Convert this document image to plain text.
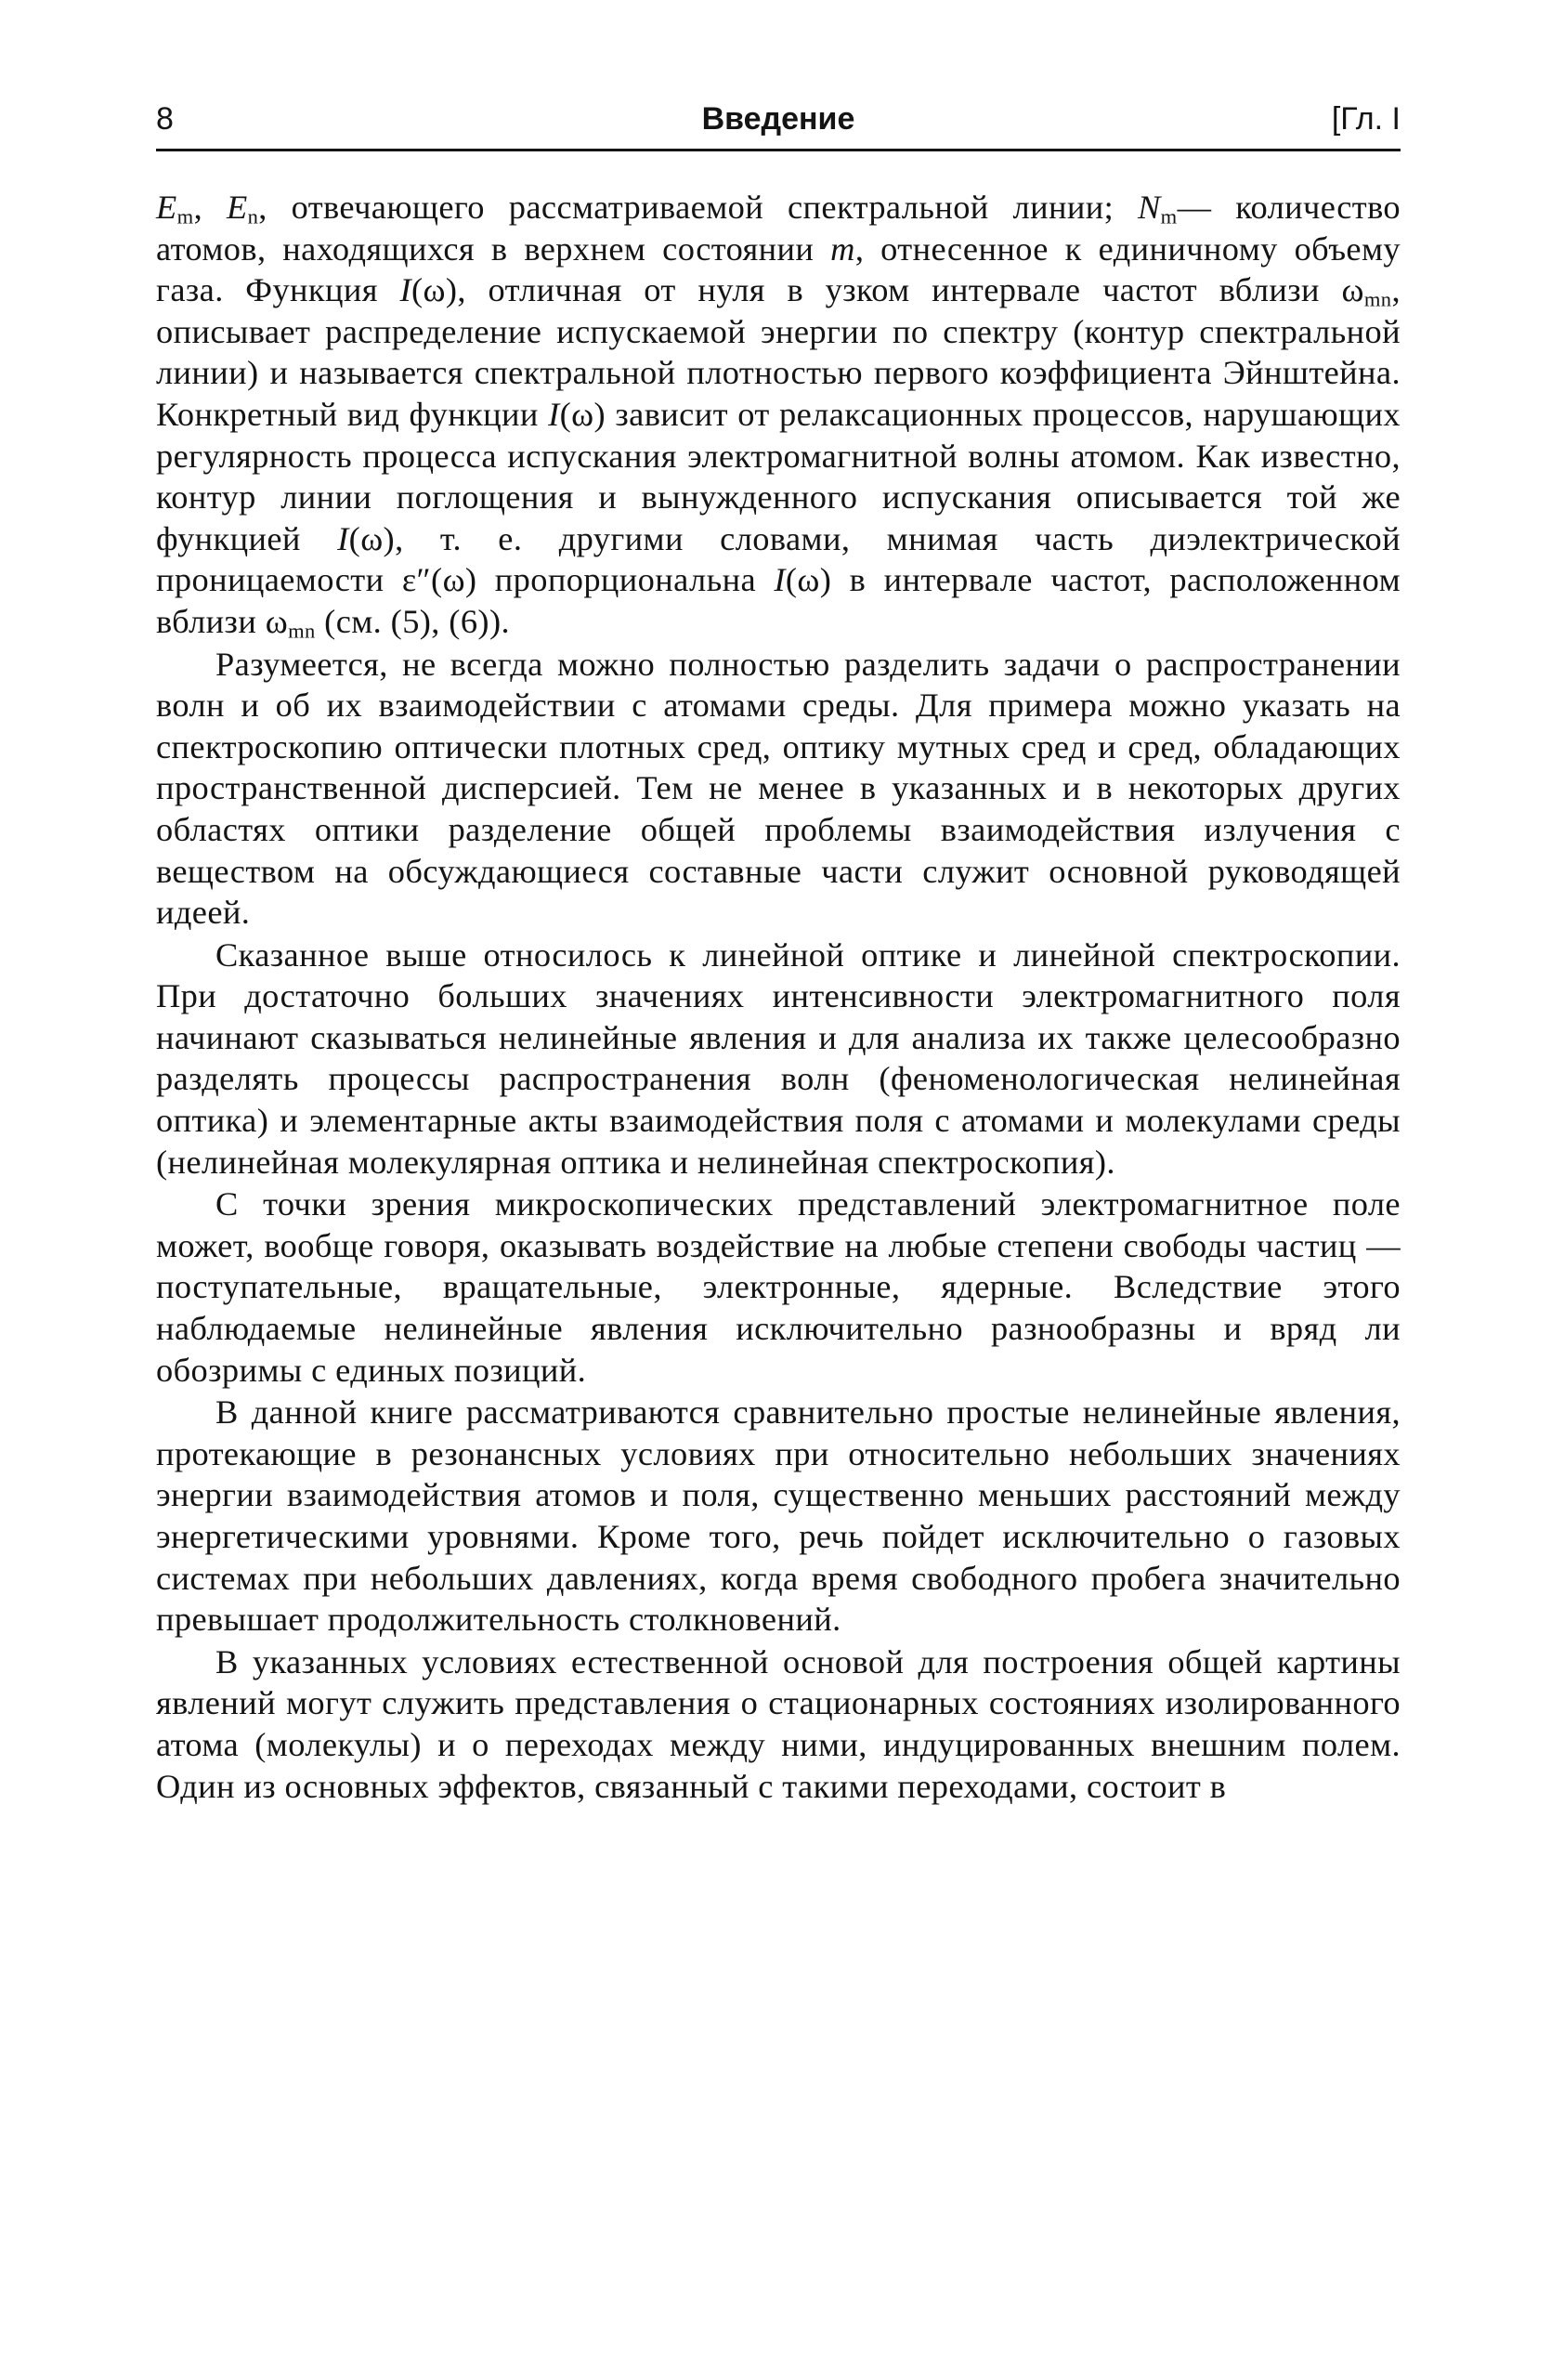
8	Введение	[Гл. I

$E_m$, $E_n$, отвечающего рассматриваемой спектральной линии; $N_m—$ количество атомов, находящихся в верхнем состоянии m, отнесенное к единичному объему газа. Функция I(ω), отличная от нуля в узком интервале частот вблизи $\omega_{mn}$, описывает распределение испускаемой энергии по спектру (контур спектральной линии) и называется спектральной плотностью первого коэффициента Эйнштейна. Конкретный вид функции I(ω) зависит от релаксационных процессов, нарушающих регулярность процесса испускания электромагнитной волны атомом. Как известно, контур линии поглощения и вынужденного испускания описывается той же функцией I(ω), т. е. другими словами, мнимая часть диэлектрической проницаемости ε″(ω) пропорциональна I(ω) в интервале частот, расположенном вблизи $\omega_{mn}$ (см. (5), (6)).

Разумеется, не всегда можно полностью разделить задачи о распространении волн и об их взаимодействии с атомами среды. Для примера можно указать на спектроскопию оптически плотных сред, оптику мутных сред и сред, обладающих пространственной дисперсией. Тем не менее в указанных и в некоторых других областях оптики разделение общей проблемы взаимодействия излучения с веществом на обсуждающиеся составные части служит основной руководящей идеей.

Сказанное выше относилось к линейной оптике и линейной спектроскопии. При достаточно больших значениях интенсивности электромагнитного поля начинают сказываться нелинейные явления и для анализа их также целесообразно разделять процессы распространения волн (феноменологическая нелинейная оптика) и элементарные акты взаимодействия поля с атомами и молекулами среды (нелинейная молекулярная оптика и нелинейная спектроскопия).

С точки зрения микроскопических представлений электромагнитное поле может, вообще говоря, оказывать воздействие на любые степени свободы частиц — поступательные, вращательные, электронные, ядерные. Вследствие этого наблюдаемые нелинейные явления исключительно разнообразны и вряд ли обозримы с единых позиций.

В данной книге рассматриваются сравнительно простые нелинейные явления, протекающие в резонансных условиях при относительно небольших значениях энергии взаимодействия атомов и поля, существенно меньших расстояний между энергетическими уровнями. Кроме того, речь пойдет исключительно о газовых системах при небольших давлениях, когда время свободного пробега значительно превышает продолжительность столкновений.

В указанных условиях естественной основой для построения общей картины явлений могут служить представления о стационарных состояниях изолированного атома (молекулы) и о переходах между ними, индуцированных внешним полем. Один из основных эффектов, связанный с такими переходами, состоит в
